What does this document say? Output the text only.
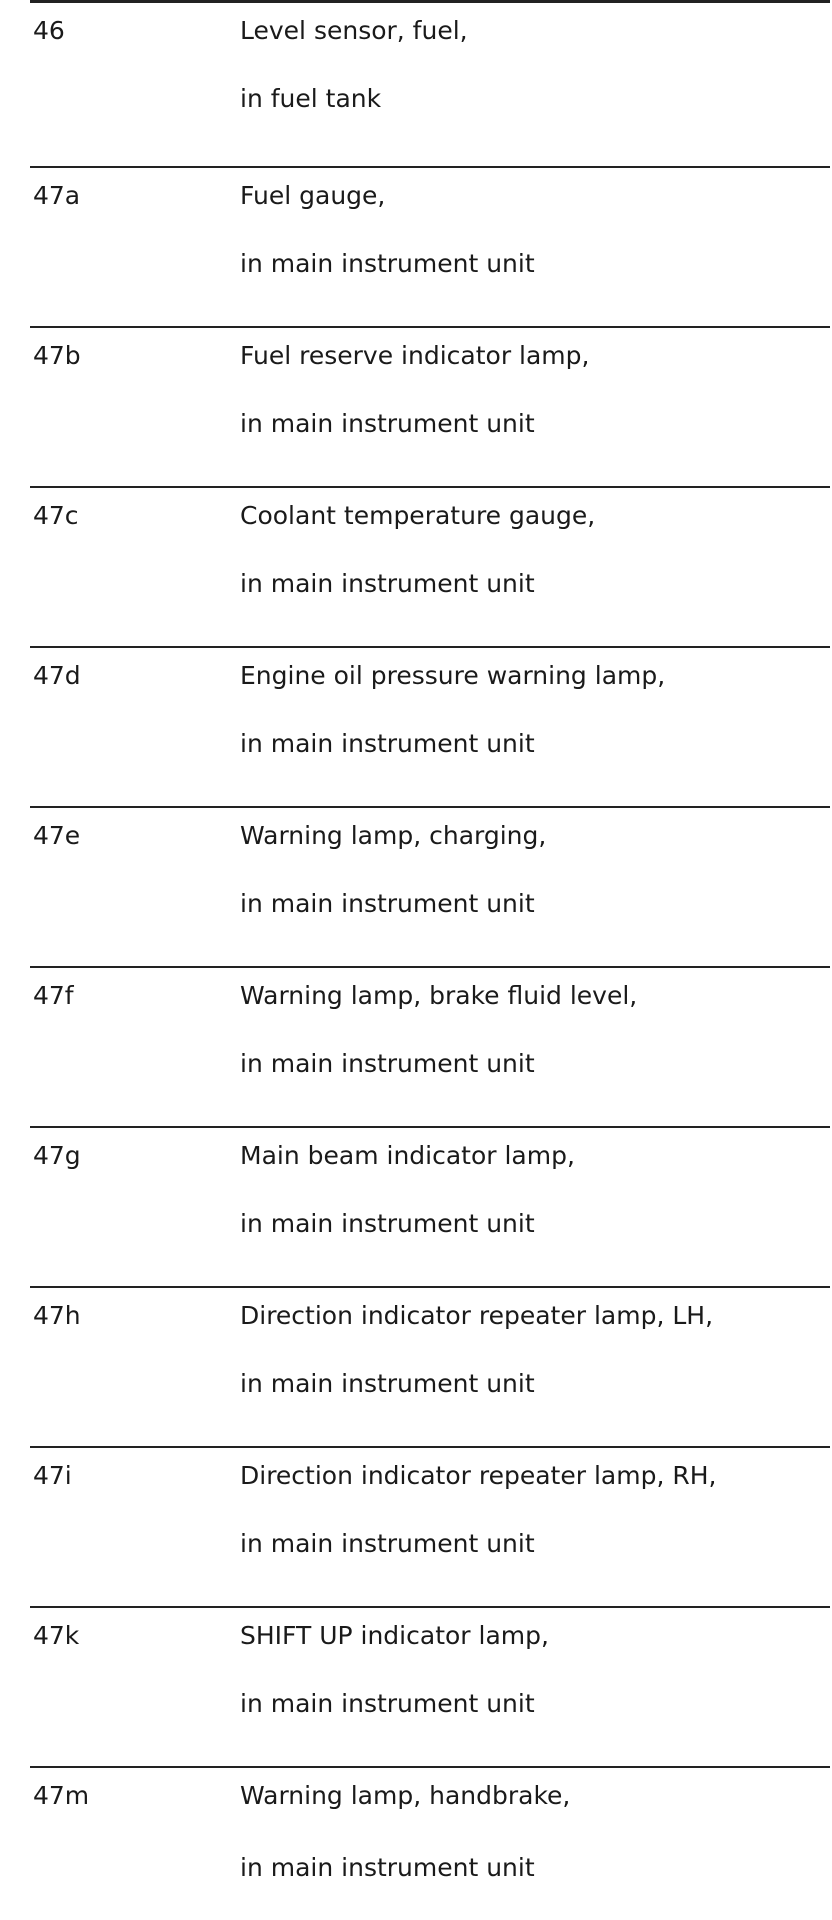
46	Level sensor, fuel,
in fuel tank
47a	Fuel gauge,
in main instrument unit
47b	Fuel reserve indicator lamp,
in main instrument unit
47c	Coolant temperature gauge,
in main instrument unit
47d	Engine oil pressure warning lamp,
in main instrument unit
47e	Warning lamp, charging,
in main instrument unit
47f	Warning lamp, brake fluid level,
in main instrument unit
47g	Main beam indicator lamp,
in main instrument unit
47h	Direction indicator repeater lamp, LH,
in main instrument unit
47i	Direction indicator repeater lamp, RH,
in main instrument unit
47k	SHIFT UP indicator lamp,
in main instrument unit
47m	Warning lamp, handbrake,
in main instrument unit
